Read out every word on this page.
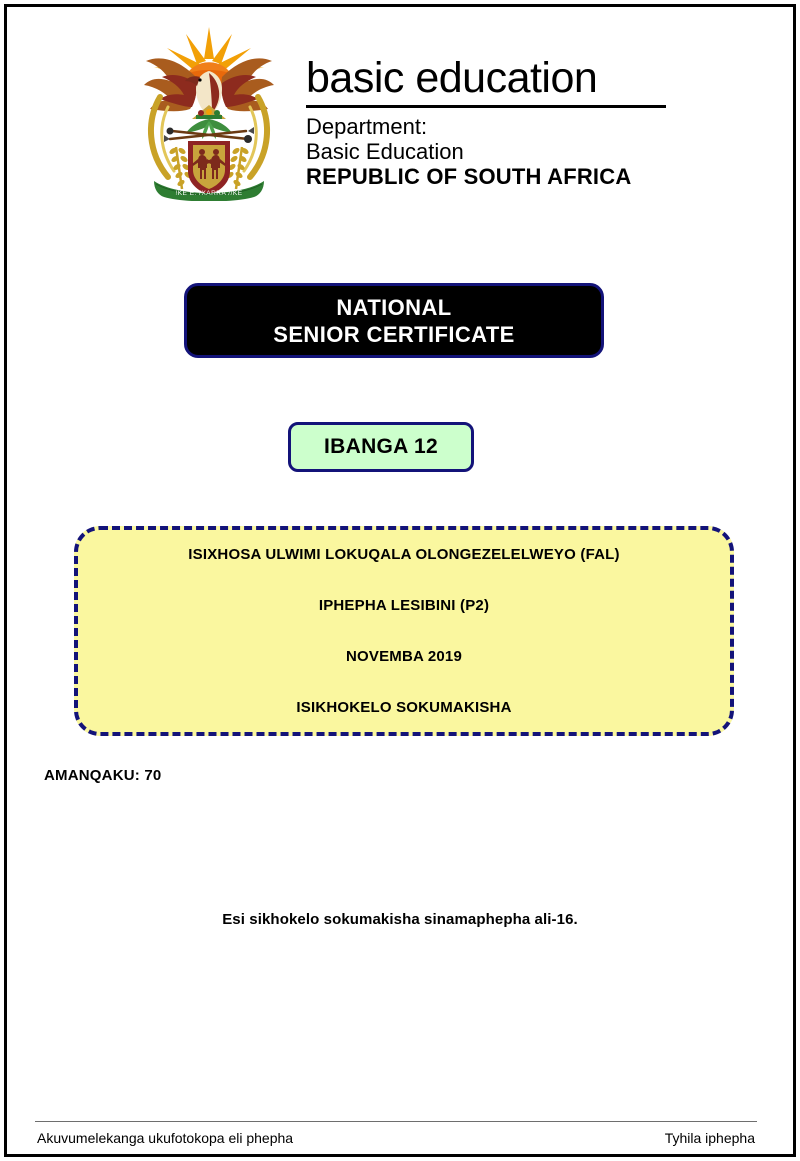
!KE E: /XARRA //KE
basic education
Department:
Basic Education
REPUBLIC OF SOUTH AFRICA
NATIONAL
SENIOR CERTIFICATE
IBANGA 12
ISIXHOSA ULWIMI LOKUQALA OLONGEZELELWEYO (FAL)
IPHEPHA LESIBINI (P2)
NOVEMBA 2019
ISIKHOKELO SOKUMAKISHA
AMANQAKU: 70
Esi sikhokelo sokumakisha sinamaphepha ali-16.
Akuvumelekanga ukufotokopa eli phepha	Tyhila iphepha
